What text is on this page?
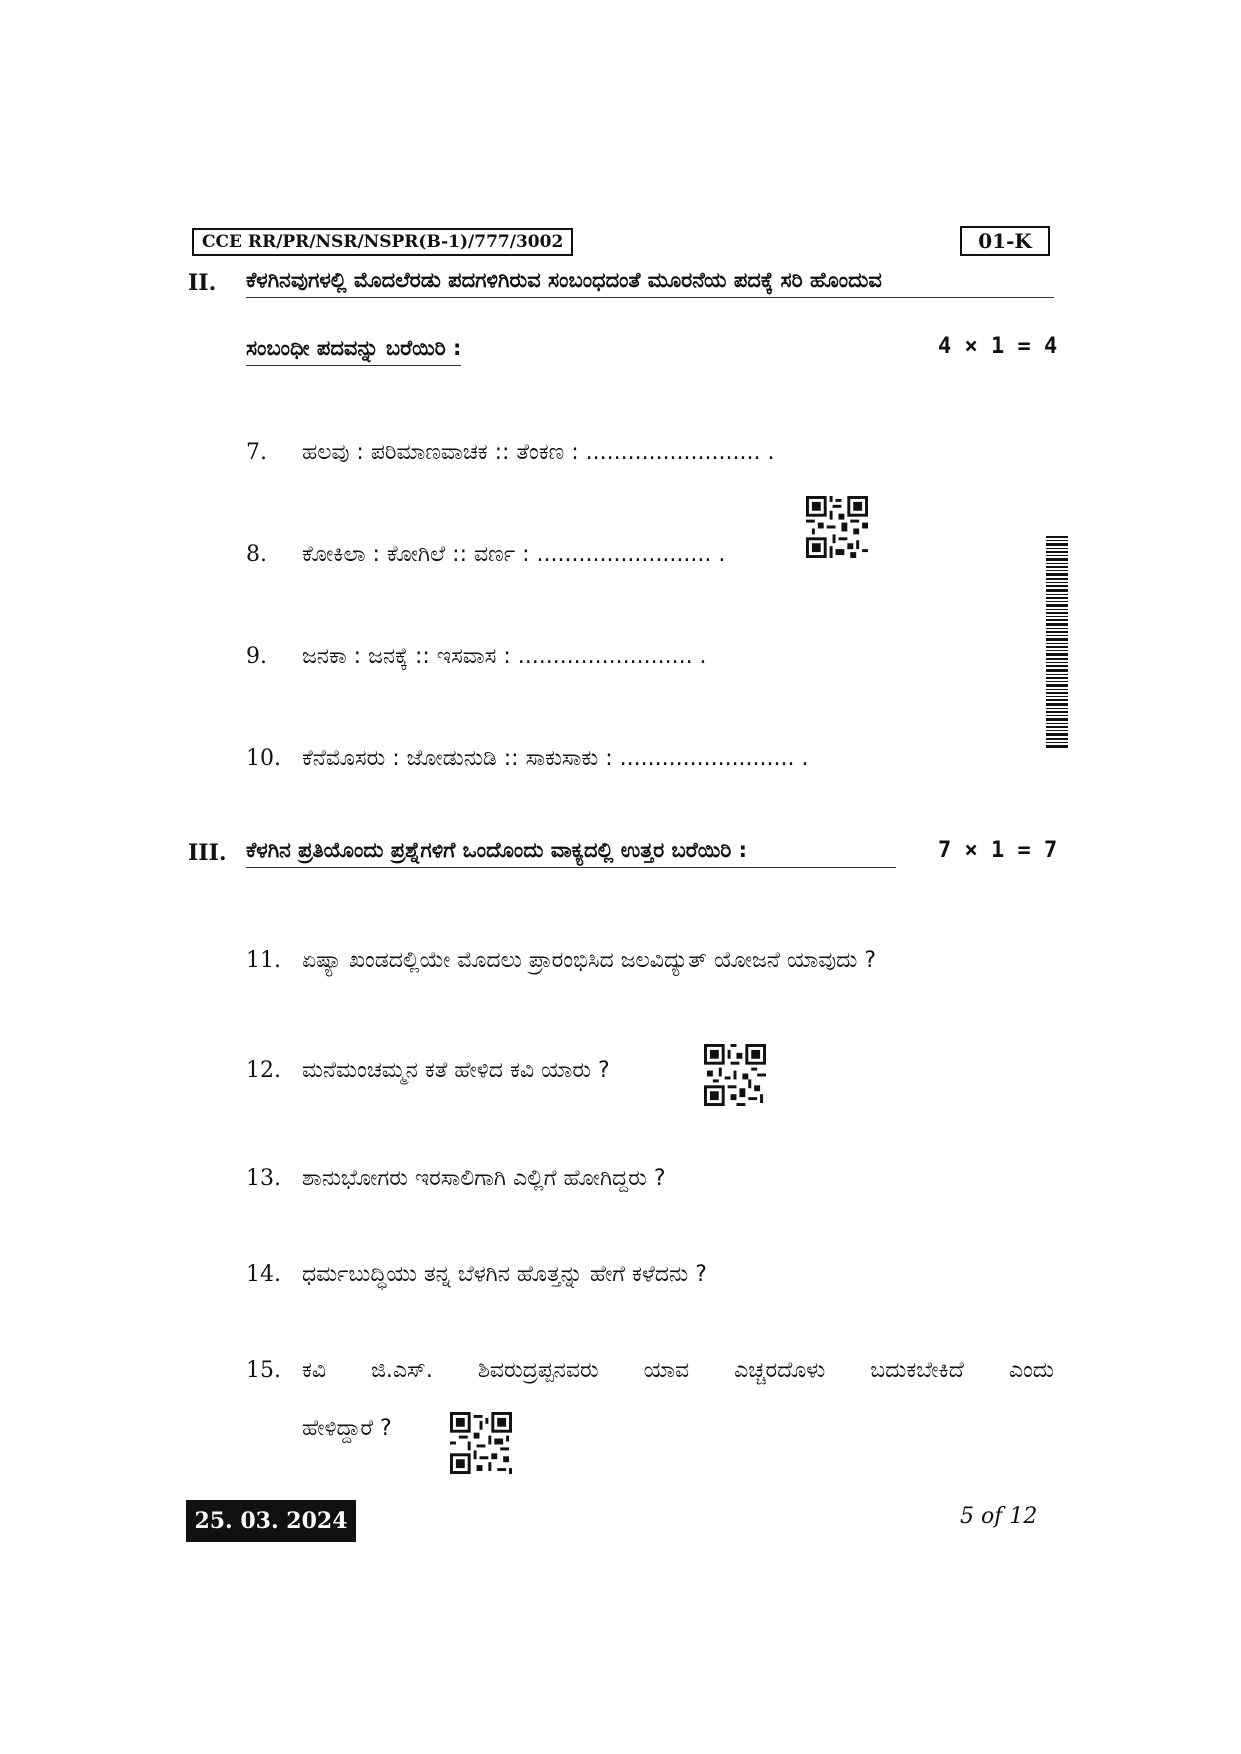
CCE RR/PR/NSR/NSPR(B-1)/777/3002	01-K
II. ಕೆಳಗಿನವುಗಳಲ್ಲಿ ಮೊದಲೆರಡು ಪದಗಳಿಗಿರುವ ಸಂಬಂಧದಂತೆ ಮೂರನೆಯ ಪದಕ್ಕೆ ಸರಿ ಹೊಂದುವ
ಸಂಬಂಧೀ ಪದವನ್ನು ಬರೆಯಿರಿ :	4 × 1 = 4
7. ಹಲವು : ಪರಿಮಾಣವಾಚಕ :: ತೆಂಕಣ : ......................... .
8. ಕೋಕಿಲಾ : ಕೋಗಿಲೆ :: ವರ್ಣ : ......................... .
9. ಜನಕಾ : ಜನಕ್ಕೆ :: ಇಸವಾಸ : ......................... .
10. ಕೆನೆಮೊಸರು : ಜೋಡುನುಡಿ :: ಸಾಕುಸಾಕು : ......................... .
III. ಕೆಳಗಿನ ಪ್ರತಿಯೊಂದು ಪ್ರಶ್ನೆಗಳಿಗೆ ಒಂದೊಂದು ವಾಕ್ಯದಲ್ಲಿ ಉತ್ತರ ಬರೆಯಿರಿ :	7 × 1 = 7
11. ಏಷ್ಯಾ ಖಂಡದಲ್ಲಿಯೇ ಮೊದಲು ಪ್ರಾರಂಭಿಸಿದ ಜಲವಿದ್ಯುತ್ ಯೋಜನೆ ಯಾವುದು ?
12. ಮನೆಮಂಚಮ್ಮನ ಕತೆ ಹೇಳಿದ ಕವಿ ಯಾರು ?
13. ಶಾನುಭೋಗರು ಇರಸಾಲಿಗಾಗಿ ಎಲ್ಲಿಗೆ ಹೋಗಿದ್ದರು ?
14. ಧರ್ಮಬುದ್ಧಿಯು ತನ್ನ ಬೆಳಗಿನ ಹೊತ್ತನ್ನು ಹೇಗೆ ಕಳೆದನು ?
15. ಕವಿ ಜಿ.ಎಸ್. ಶಿವರುದ್ರಪ್ಪನವರು ಯಾವ ಎಚ್ಚರದೊಳು ಬದುಕಬೇಕಿದೆ ಎಂದು
ಹೇಳಿದ್ದಾರೆ ?
25. 03. 2024	5 of 12
